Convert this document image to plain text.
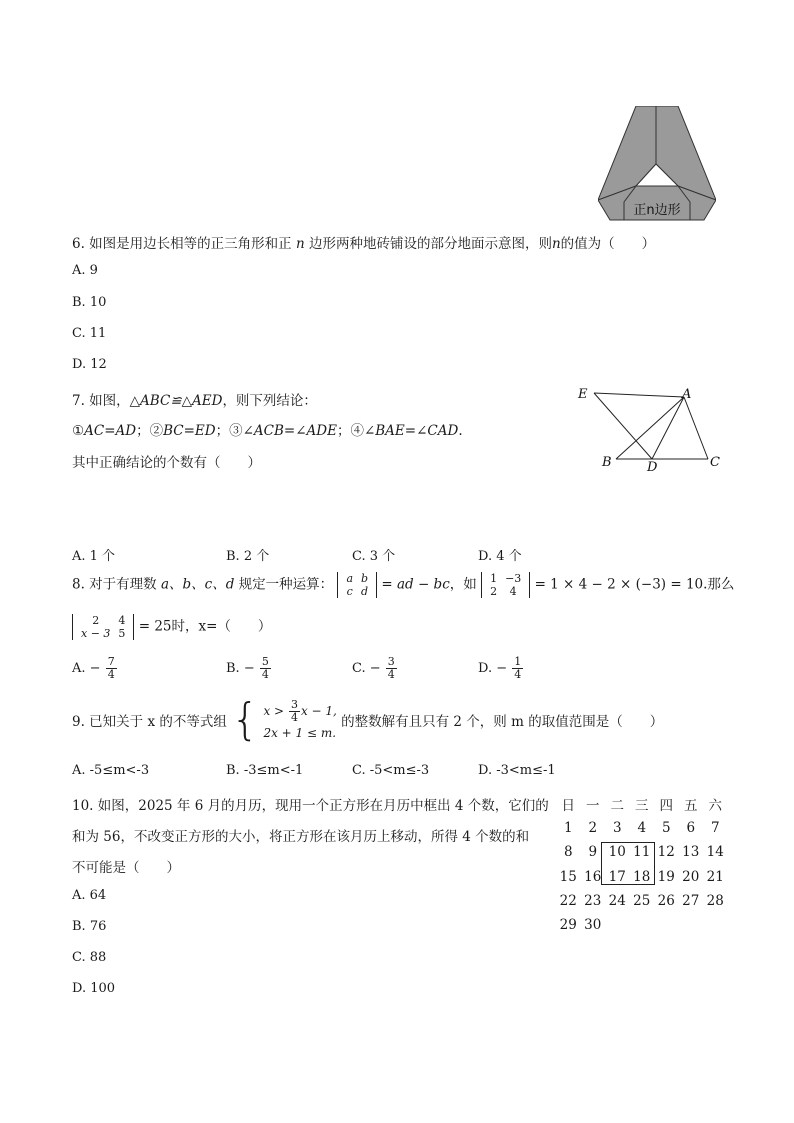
正n边形
6. 如图是用边长相等的正三角形和正 n 边形两种地砖铺设的部分地面示意图，则n的值为（　　）
A. 9
B. 10
C. 11
D. 12
7. 如图，△ABC≌△AED，则下列结论：
①AC=AD；②BC=ED；③∠ACB=∠ADE；④∠BAE=∠CAD.
其中正确结论的个数有（　　）
E	A
B	D	C
A. 1 个	B. 2 个	C. 3 个	D. 4 个
8. 对于有理数 a、b、c、d 规定一种运算： a	b
c	d = ad − bc，如 1	−3
2	4 = 1 × 4 − 2 × (−3) = 10.那么
2	4
x − 3	5 = 25时，x=（　　）
A. − $\frac{7}{4}$	B. − $\frac{5}{4}$	C. − $\frac{3}{4}$	D. − $\frac{1}{4}$
9. 已知关于 x 的不等式组 { $x > \frac{3}{4}$ x − 1,
2x + 1 ≤ m. 的整数解有且只有 2 个，则 m 的取值范围是（　　）
A. -5≤m<-3	B. -3≤m<-1	C. -5<m≤-3	D. -3<m≤-1
10. 如图，2025 年 6 月的月历，现用一个正方形在月历中框出 4 个数，它们的
和为 56，不改变正方形的大小，将正方形在该月历上移动，所得 4 个数的和
不可能是（　　）
A. 64
B. 76
C. 88
D. 100
日	一	二	三	四	五	六
1	2	3	4	5	6	7
8	9	10	11	12	13	14
15	16	17	18	19	20	21
22	23	24	25	26	27	28
29	30					
